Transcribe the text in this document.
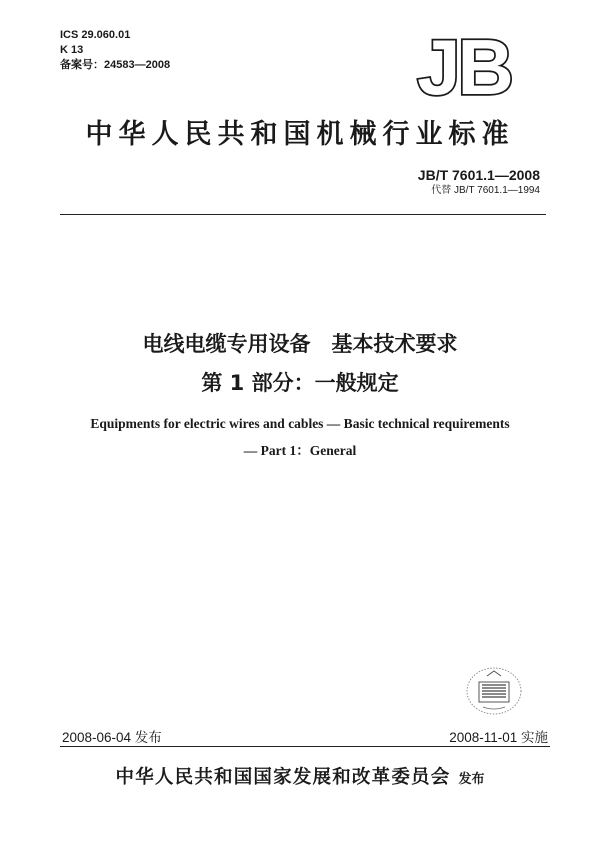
ICS 29.060.01
K 13
备案号：24583—2008	JB
中华人民共和国机械行业标准
JB/T 7601.1—2008
代替 JB/T 7601.1—1994
电线电缆专用设备　基本技术要求
第 1 部分：一般规定
Equipments for electric wires and cables — Basic technical requirements
— Part 1：General
2008-06-04 发布	2008-11-01 实施
中华人民共和国国家发展和改革委员会 发布
